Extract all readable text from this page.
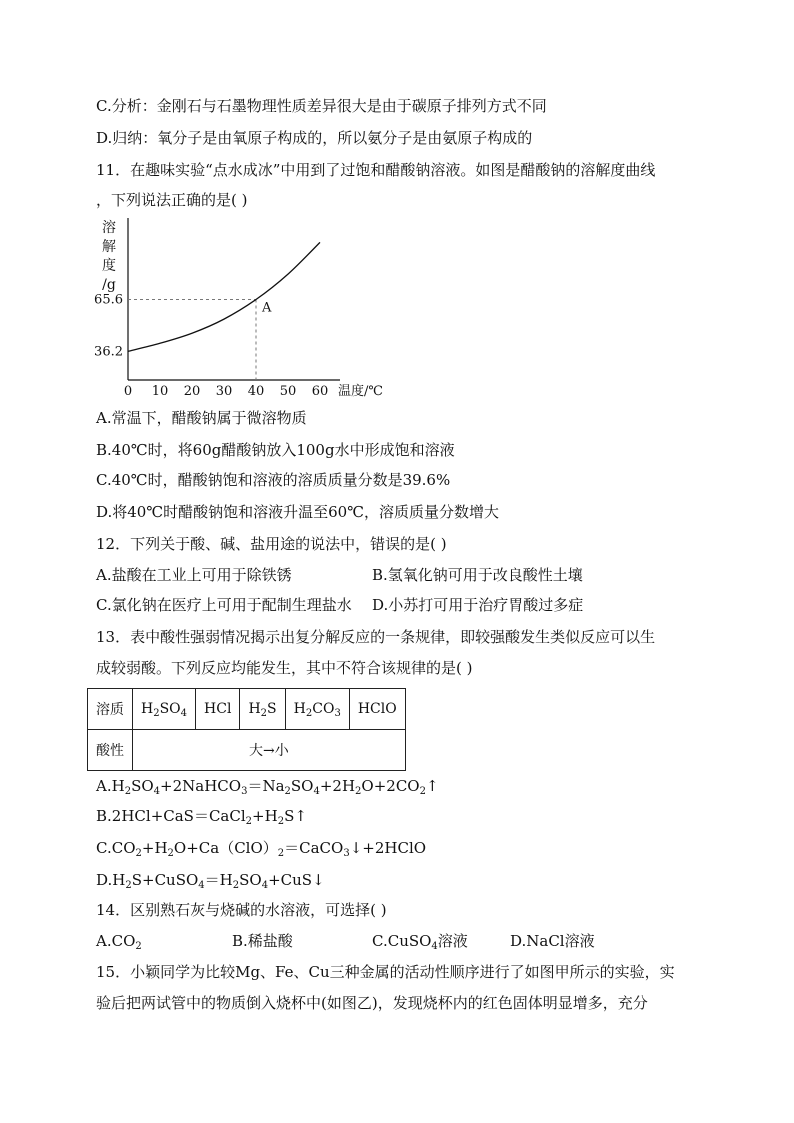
C.分析：金刚石与石墨物理性质差异很大是由于碳原子排列方式不同
D.归纳：氧分子是由氧原子构成的，所以氨分子是由氨原子构成的
11．在趣味实验“点水成冰”中用到了过饱和醋酸钠溶液。如图是醋酸钠的溶解度曲线
，下列说法正确的是( )
溶
解
度
/g
0 10 20 30 40 50 60 温度/℃
36.2
65.6
A
A.常温下，醋酸钠属于微溶物质
B.40℃时，将60g醋酸钠放入100g水中形成饱和溶液
C.40℃时，醋酸钠饱和溶液的溶质质量分数是39.6%
D.将40℃时醋酸钠饱和溶液升温至60℃，溶质质量分数增大
12．下列关于酸、碱、盐用途的说法中，错误的是( )
A.盐酸在工业上可用于除铁锈	B.氢氧化钠可用于改良酸性土壤
C.氯化钠在医疗上可用于配制生理盐水 D.小苏打可用于治疗胃酸过多症
13．表中酸性强弱情况揭示出复分解反应的一条规律，即较强酸发生类似反应可以生
成较弱酸。下列反应均能发生，其中不符合该规律的是( )
溶质	$H_2SO_4$	HCl	$H_2S$	$H_2CO_3$	HClO
酸性	大→小				
$A.H_2SO_4+2NaHCO_3=Na_2SO_4+2H_2O+2CO_2↑$
$B.2HCl+CaS=CaCl_2+H_2S↑$
$C.CO_2+H_2O+Ca(ClO)_2=CaCO_3↓+2HClO$
$D.H_2S+CuSO_4=H_2SO_4+CuS↓$
14．区别熟石灰与烧碱的水溶液，可选择( )
$A.CO_2$	B.稀盐酸	C.CuSO$_4$溶液	D.NaCl溶液
15．小颖同学为比较Mg、Fe、Cu三种金属的活动性顺序进行了如图甲所示的实验，实
验后把两试管中的物质倒入烧杯中(如图乙)，发现烧杯内的红色固体明显增多，充分
